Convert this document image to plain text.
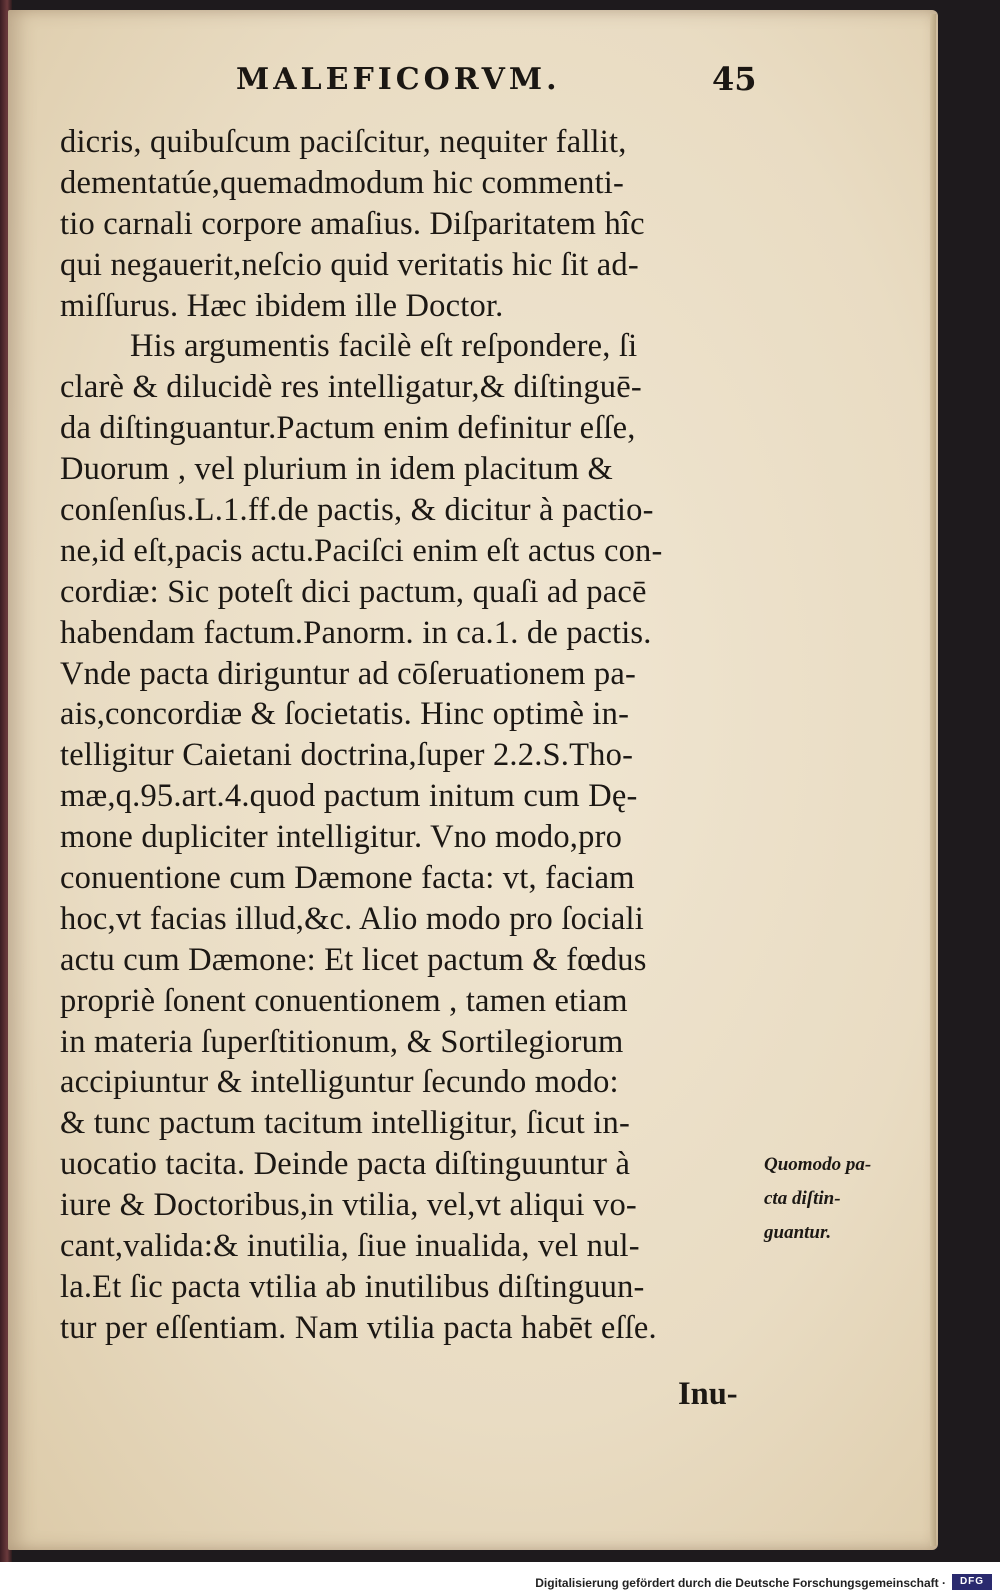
MALEFICORVM.	45
dicris, quibuſcum paciſcitur, nequiter fallit,
dementatúe,quemadmodum hic commenti-
tio carnali corpore amaſius. Diſparitatem hîc
qui negauerit,neſcio quid veritatis hic ſit ad-
miſſurus. Hæc ibidem ille Doctor.
His argumentis facilè eſt reſpondere, ſi
clarè & dilucidè res intelligatur,& diſtinguē-
da diſtinguantur.Pactum enim definitur eſſe,
Duorum , vel plurium in idem placitum &
conſenſus.L.1.ff.de pactis, & dicitur à pactio-
ne,id eſt,pacis actu.Paciſci enim eſt actus con-
cordiæ: Sic poteſt dici pactum, quaſi ad pacē
habendam factum.Panorm. in ca.1. de pactis.
Vnde pacta diriguntur ad cōſeruationem pa-
ais,concordiæ & ſocietatis. Hinc optimè in-
telligitur Caietani doctrina,ſuper 2.2.S.Tho-
mæ,q.95.art.4.quod pactum initum cum Dę-
mone dupliciter intelligitur. Vno modo,pro
conuentione cum Dæmone facta: vt, faciam
hoc,vt facias illud,&c. Alio modo pro ſociali
actu cum Dæmone: Et licet pactum & fœdus
propriè ſonent conuentionem , tamen etiam
in materia ſuperſtitionum, & Sortilegiorum
accipiuntur & intelliguntur ſecundo modo:
& tunc pactum tacitum intelligitur, ſicut in-
uocatio tacita. Deinde pacta diſtinguuntur à
iure & Doctoribus,in vtilia, vel,vt aliqui vo-
cant,valida:& inutilia, ſiue inualida, vel nul-
la.Et ſic pacta vtilia ab inutilibus diſtinguun-
tur per eſſentiam. Nam vtilia pacta habēt eſſe.
Inu-
Quomodo pa-
cta diſtin-
guantur.
Digitalisierung gefördert durch die Deutsche Forschungsgemeinschaft ·	DFG
